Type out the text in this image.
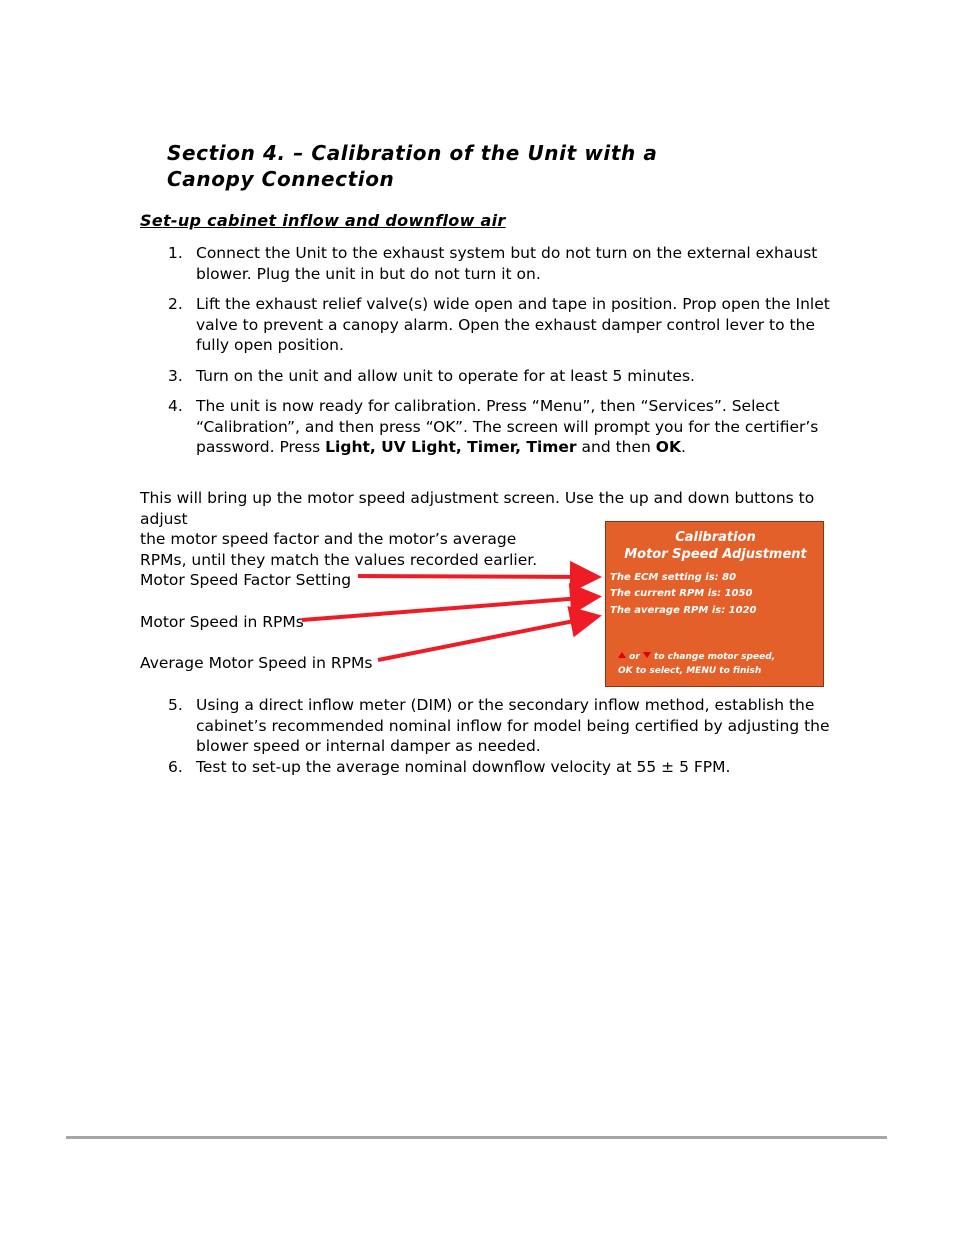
Section 4. – Calibration of the Unit with a
Canopy Connection
Set-up cabinet inflow and downflow air
1. Connect the Unit to the exhaust system but do not turn on the external exhaust blower. Plug the unit in but do not turn it on.
2. Lift the exhaust relief valve(s) wide open and tape in position. Prop open the Inlet valve to prevent a canopy alarm. Open the exhaust damper control lever to the fully open position.
3. Turn on the unit and allow unit to operate for at least 5 minutes.
4. The unit is now ready for calibration. Press “Menu”, then “Services”. Select “Calibration”, and then press “OK”. The screen will prompt you for the certifier’s password. Press Light, UV Light, Timer, Timer and then OK.
This will bring up the motor speed adjustment screen. Use the up and down buttons to adjust
the motor speed factor and the motor’s average
RPMs, until they match the values recorded earlier.
Motor Speed Factor Setting
Motor Speed in RPMs
Average Motor Speed in RPMs
Calibration
Motor Speed Adjustment
The ECM setting is: 80
The current RPM is: 1050
The average RPM is: 1020
or to change motor speed,
OK to select, MENU to finish
5. Using a direct inflow meter (DIM) or the secondary inflow method, establish the cabinet’s recommended nominal inflow for model being certified by adjusting the blower speed or internal damper as needed.
6. Test to set-up the average nominal downflow velocity at 55 ± 5 FPM.
